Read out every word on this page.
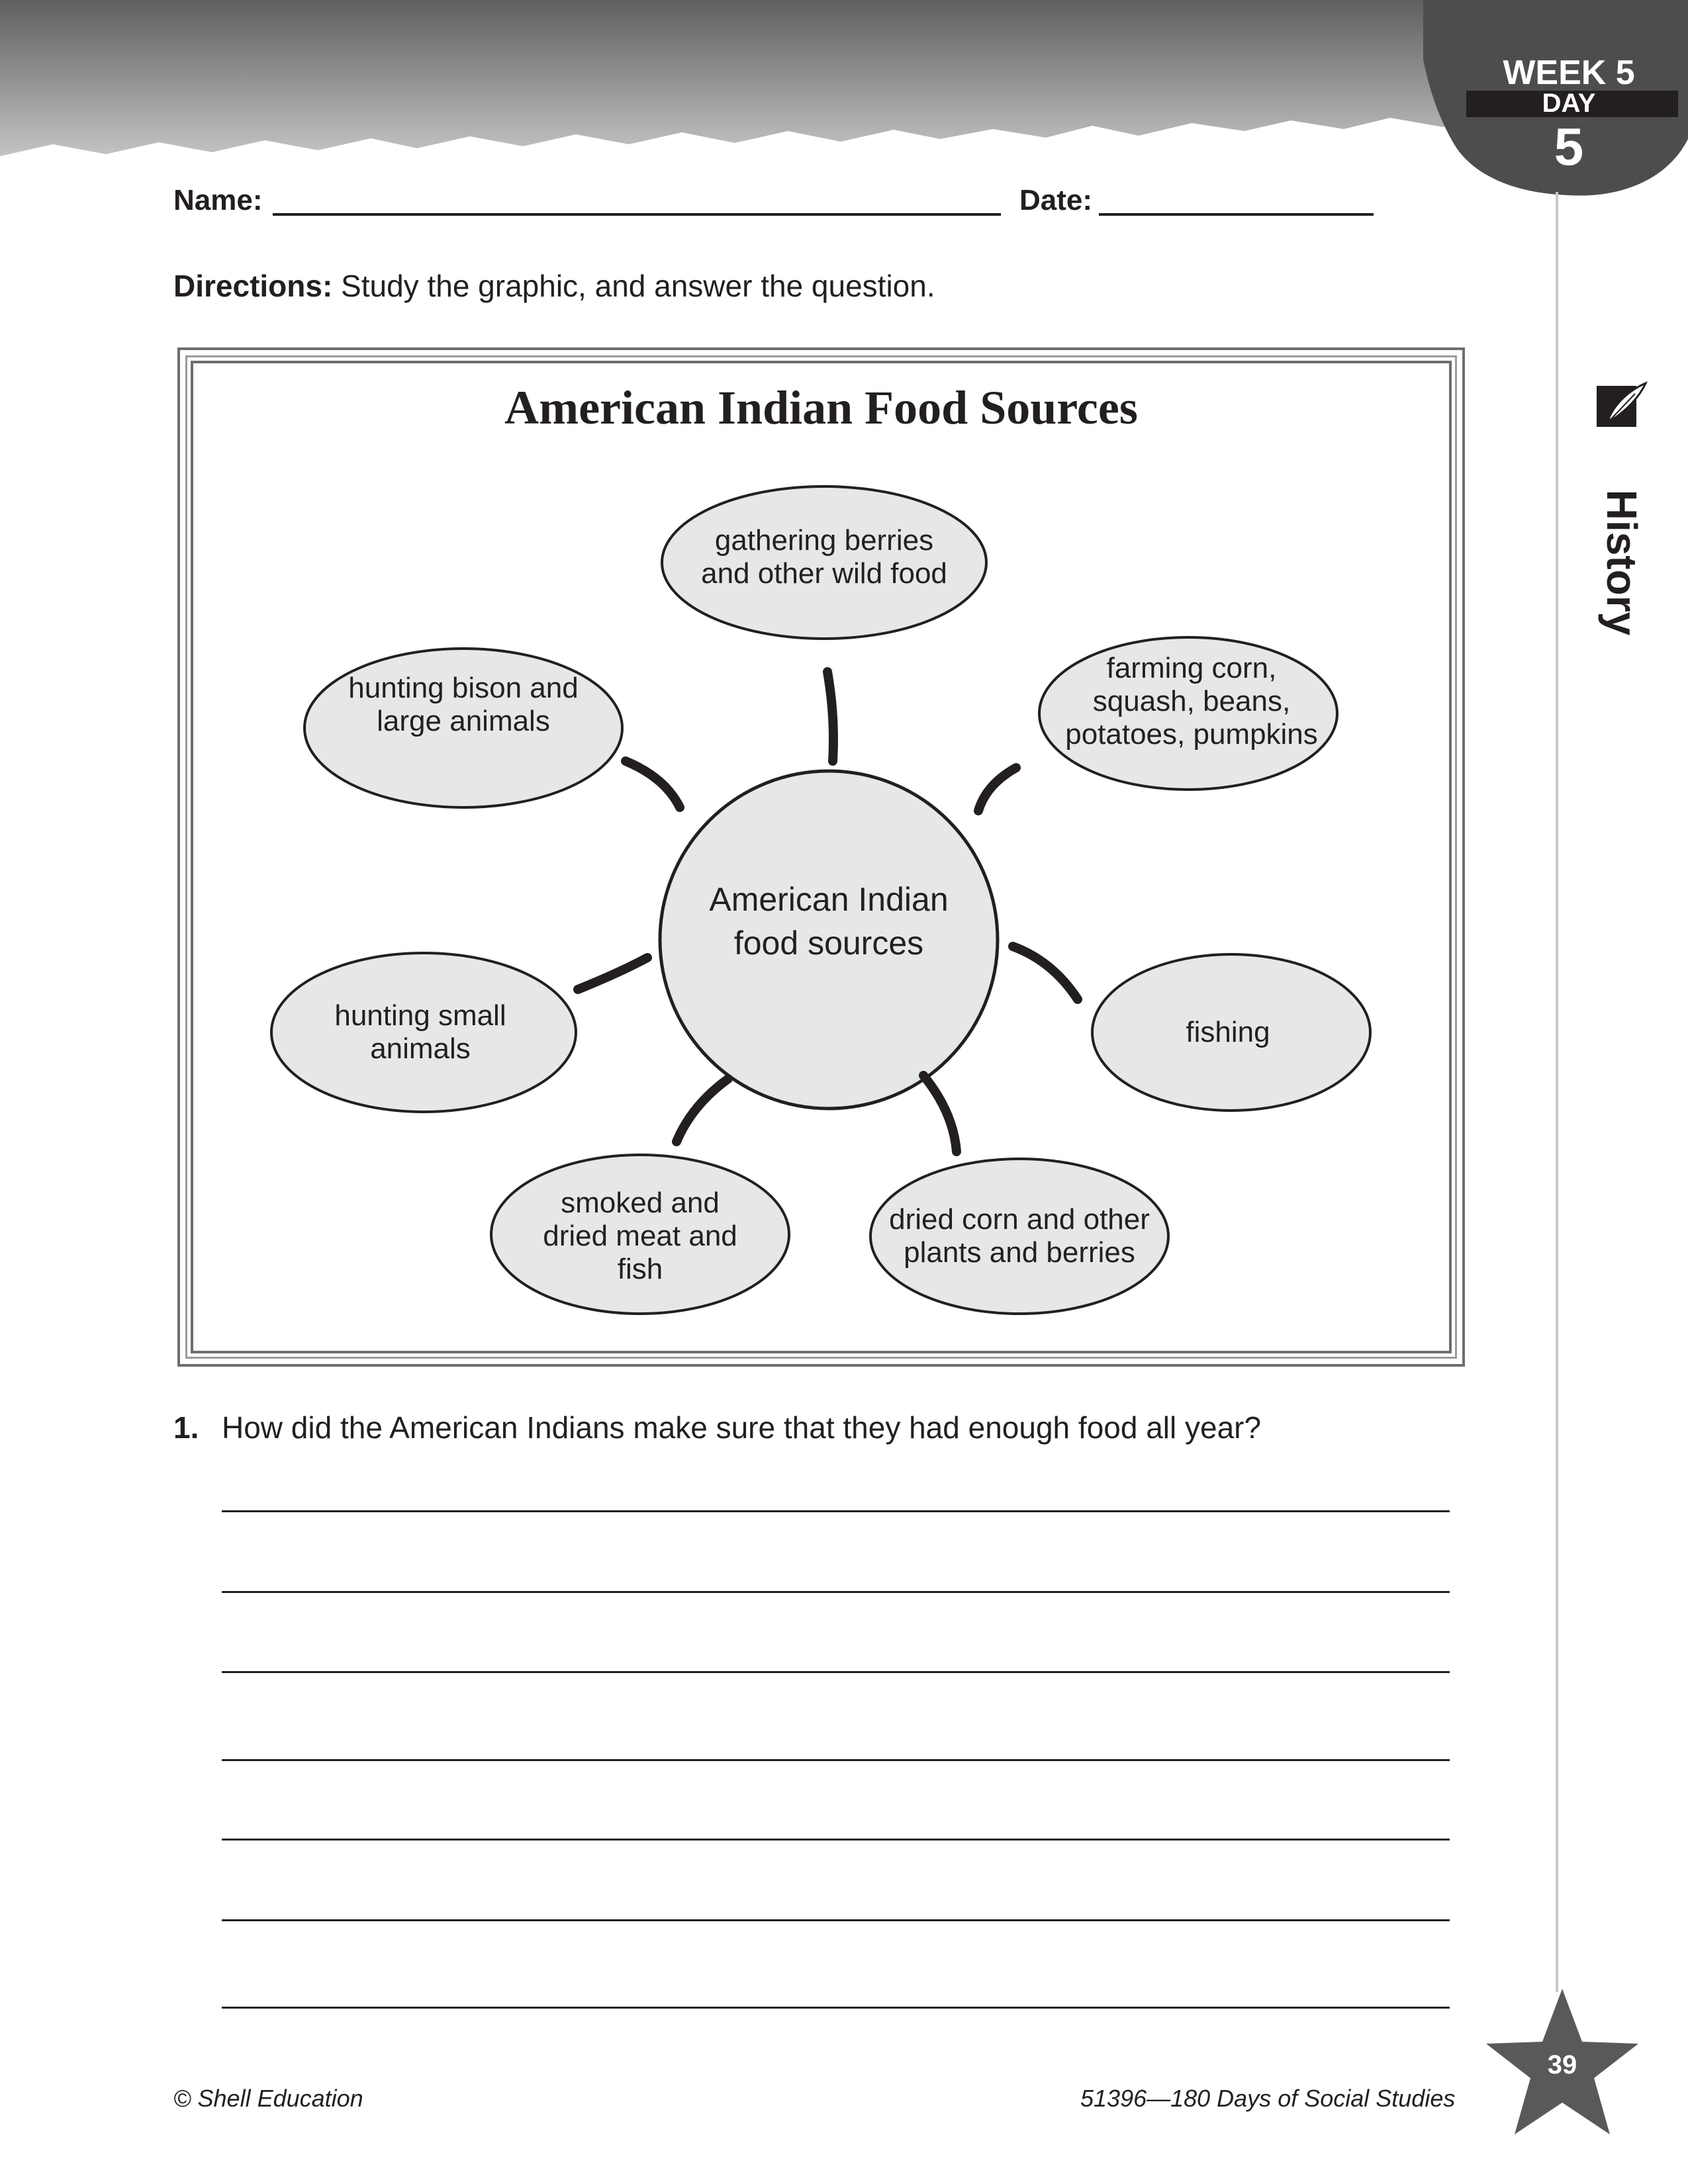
WEEK 5
DAY
5
Name:	Date:
Directions: Study the graphic, and answer the question.
American Indian Food Sources
American Indian
food sources
gathering berries
and other wild food
farming corn,
squash, beans,
potatoes, pumpkins
hunting bison and
large animals
fishing
hunting small
animals
smoked and
dried meat and
fish
dried corn and other
plants and berries
1. How did the American Indians make sure that they had enough food all year?
History
39
© Shell Education	51396—180 Days of Social Studies
